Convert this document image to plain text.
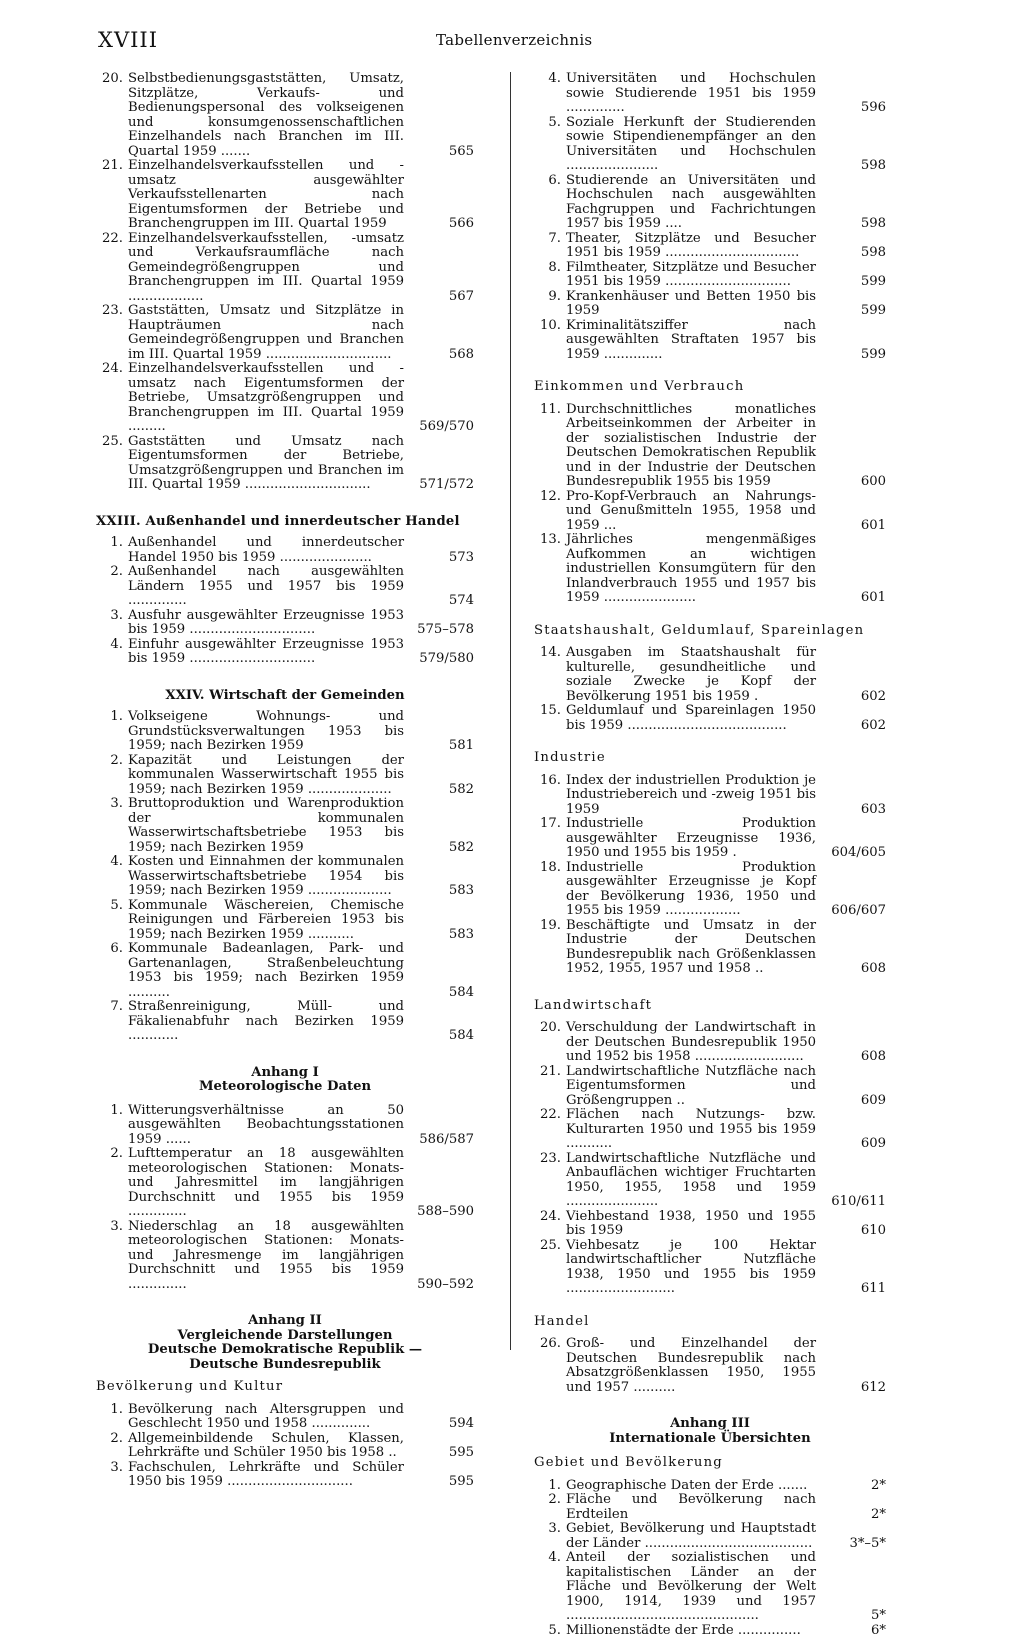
XVIII	Tabellenverzeichnis
20. Selbstbedienungsgaststätten, Umsatz, Sitzplätze, Verkaufs- und Bedienungspersonal des volkseigenen und konsumgenossenschaftlichen Einzelhandels nach Branchen im III. Quartal 1959 .......	565
21. Einzelhandelsverkaufsstellen und -umsatz ausgewählter Verkaufsstellenarten nach Eigentumsformen der Betriebe und Branchengruppen im III. Quartal 1959	566
22. Einzelhandelsverkaufsstellen, -umsatz und Verkaufsraumfläche nach Gemeindegrößengruppen und Branchengruppen im III. Quartal 1959 ..................	567
23. Gaststätten, Umsatz und Sitzplätze in Haupträumen nach Gemeindegrößengruppen und Branchen im III. Quartal 1959 ..............................	568
24. Einzelhandelsverkaufsstellen und -umsatz nach Eigentumsformen der Betriebe, Umsatzgrößengruppen und Branchengruppen im III. Quartal 1959 .........	569/570
25. Gaststätten und Umsatz nach Eigentumsformen der Betriebe, Umsatzgrößengruppen und Branchen im III. Quartal 1959 ..............................	571/572
XXIII. Außenhandel und innerdeutscher Handel
1. Außenhandel und innerdeutscher Handel 1950 bis 1959 ......................	573
2. Außenhandel nach ausgewählten Ländern 1955 und 1957 bis 1959 ..............	574
3. Ausfuhr ausgewählter Erzeugnisse 1953 bis 1959 ..............................	575–578
4. Einfuhr ausgewählter Erzeugnisse 1953 bis 1959 ..............................	579/580
XXIV. Wirtschaft der Gemeinden
1. Volkseigene Wohnungs- und Grundstücksverwaltungen 1953 bis 1959; nach Bezirken 1959	581
2. Kapazität und Leistungen der kommunalen Wasserwirtschaft 1955 bis 1959; nach Bezirken 1959 ....................	582
3. Bruttoproduktion und Warenproduktion der kommunalen Wasserwirtschaftsbetriebe 1953 bis 1959; nach Bezirken 1959	582
4. Kosten und Einnahmen der kommunalen Wasserwirtschaftsbetriebe 1954 bis 1959; nach Bezirken 1959 ....................	583
5. Kommunale Wäschereien, Chemische Reinigungen und Färbereien 1953 bis 1959; nach Bezirken 1959 ...........	583
6. Kommunale Badeanlagen, Park- und Gartenanlagen, Straßenbeleuchtung 1953 bis 1959; nach Bezirken 1959 ..........	584
7. Straßenreinigung, Müll- und Fäkalienabfuhr nach Bezirken 1959 ............	584
Anhang I
Meteorologische Daten
1. Witterungsverhältnisse an 50 ausgewählten Beobachtungsstationen 1959 ......	586/587
2. Lufttemperatur an 18 ausgewählten meteorologischen Stationen: Monats- und Jahresmittel im langjährigen Durchschnitt und 1955 bis 1959 ..............	588–590
3. Niederschlag an 18 ausgewählten meteorologischen Stationen: Monats- und Jahresmenge im langjährigen Durchschnitt und 1955 bis 1959 ..............	590–592
Anhang II
Vergleichende Darstellungen
Deutsche Demokratische Republik —
Deutsche Bundesrepublik
Bevölkerung und Kultur
1. Bevölkerung nach Altersgruppen und Geschlecht 1950 und 1958 ..............	594
2. Allgemeinbildende Schulen, Klassen, Lehrkräfte und Schüler 1950 bis 1958 ..	595
3. Fachschulen, Lehrkräfte und Schüler 1950 bis 1959 ..............................	595
4. Universitäten und Hochschulen sowie Studierende 1951 bis 1959 ..............	596
5. Soziale Herkunft der Studierenden sowie Stipendienempfänger an den Universitäten und Hochschulen ......................	598
6. Studierende an Universitäten und Hochschulen nach ausgewählten Fachgruppen und Fachrichtungen 1957 bis 1959 ....	598
7. Theater, Sitzplätze und Besucher 1951 bis 1959 ................................	598
8. Filmtheater, Sitzplätze und Besucher 1951 bis 1959 ..............................	599
9. Krankenhäuser und Betten 1950 bis 1959	599
10. Kriminalitätsziffer nach ausgewählten Straftaten 1957 bis 1959 ..............	599
Einkommen und Verbrauch
11. Durchschnittliches monatliches Arbeitseinkommen der Arbeiter in der sozialistischen Industrie der Deutschen Demokratischen Republik und in der Industrie der Deutschen Bundesrepublik 1955 bis 1959	600
12. Pro-Kopf-Verbrauch an Nahrungs- und Genußmitteln 1955, 1958 und 1959 ...	601
13. Jährliches mengenmäßiges Aufkommen an wichtigen industriellen Konsumgütern für den Inlandverbrauch 1955 und 1957 bis 1959 ......................	601
Staatshaushalt, Geldumlauf, Spareinlagen
14. Ausgaben im Staatshaushalt für kulturelle, gesundheitliche und soziale Zwecke je Kopf der Bevölkerung 1951 bis 1959 .	602
15. Geldumlauf und Spareinlagen 1950 bis 1959 ......................................	602
Industrie
16. Index der industriellen Produktion je Industriebereich und -zweig 1951 bis 1959	603
17. Industrielle Produktion ausgewählter Erzeugnisse 1936, 1950 und 1955 bis 1959 .	604/605
18. Industrielle Produktion ausgewählter Erzeugnisse je Kopf der Bevölkerung 1936, 1950 und 1955 bis 1959 ..................	606/607
19. Beschäftigte und Umsatz in der Industrie der Deutschen Bundesrepublik nach Größenklassen 1952, 1955, 1957 und 1958 ..	608
Landwirtschaft
20. Verschuldung der Landwirtschaft in der Deutschen Bundesrepublik 1950 und 1952 bis 1958 ..........................	608
21. Landwirtschaftliche Nutzfläche nach Eigentumsformen und Größengruppen ..	609
22. Flächen nach Nutzungs- bzw. Kulturarten 1950 und 1955 bis 1959 ...........	609
23. Landwirtschaftliche Nutzfläche und Anbauflächen wichtiger Fruchtarten 1950, 1955, 1958 und 1959 ......................	610/611
24. Viehbestand 1938, 1950 und 1955 bis 1959	610
25. Viehbesatz je 100 Hektar landwirtschaftlicher Nutzfläche 1938, 1950 und 1955 bis 1959 ..........................	611
Handel
26. Groß- und Einzelhandel der Deutschen Bundesrepublik nach Absatzgrößenklassen 1950, 1955 und 1957 ..........	612
Anhang III
Internationale Übersichten
Gebiet und Bevölkerung
1. Geographische Daten der Erde .......	2*
2. Fläche und Bevölkerung nach Erdteilen	2*
3. Gebiet, Bevölkerung und Hauptstadt der Länder ........................................	3*–5*
4. Anteil der sozialistischen und kapitalistischen Länder an der Fläche und Bevölkerung der Welt 1900, 1914, 1939 und 1957 ..............................................	5*
5. Millionenstädte der Erde ...............	6*
